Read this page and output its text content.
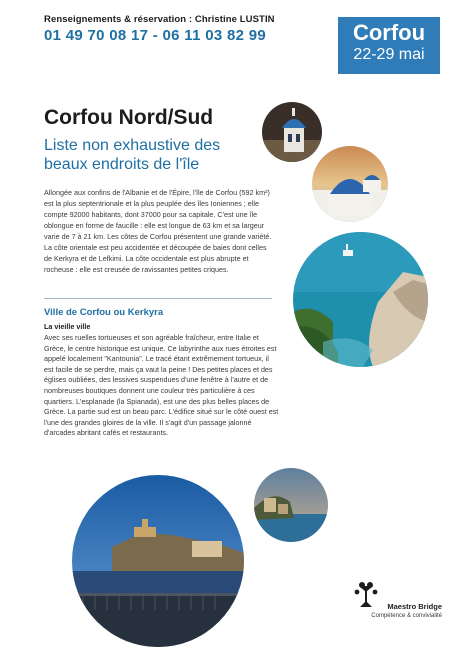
Renseignements & réservation : Christine LUSTIN
01 49 70 08 17 - 06 11 03 82 99	Corfou
22-29 mai
Corfou Nord/Sud
Liste non exhaustive des beaux endroits de l'île
Allongée aux confins de l'Albanie et de l'Épire, l'île de Corfou (592 km²) est la plus septentrionale et la plus peuplée des îles Ioniennes ; elle compte 92000 habitants, dont 37000 pour sa capitale. C'est une île oblongue en forme de faucille : elle est longue de 63 km et sa largeur varie de 7 à 21 km. Les côtes de Corfou présentent une grande variété. La côte orientale est peu accidentée et découpée de baies dont celles de Kerkyra et de Lefkimi. La côte occidentale est plus abrupte et rocheuse : elle est creusée de ravissantes petites criques.
Ville de Corfou ou Kerkyra
La vieille ville
Avec ses ruelles tortueuses et son agréable fraîcheur, entre Italie et Grèce, le centre historique est unique. Ce labyrinthe aux rues étroites est appelé localement "Kantounia". Le tracé étant extrêmement tortueux, il est facile de se perdre, mais ça vaut la peine ! Des petites places et des églises oubliées, des lessives suspendues d'une fenêtre à l'autre et de nombreuses boutiques donnent une couleur très particulière à ces quartiers. L'esplanade (la Spianada), est une des plus belles places de Grèce. La partie sud est un beau parc. L'édifice situé sur le côté ouest est l'une des grandes gloires de la ville. Il s'agit d'un passage jalonné d'arcades abritant cafés et restaurants.
Maestro Bridge
Compétence & convivialité
